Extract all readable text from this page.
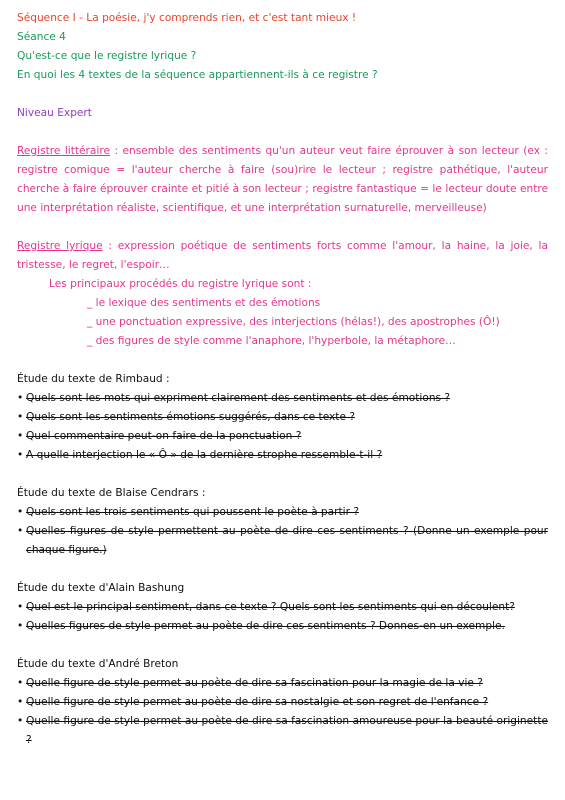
Séquence I - La poésie, j'y comprends rien, et c'est tant mieux !
Séance 4
Qu'est-ce que le registre lyrique ?
En quoi les 4 textes de la séquence appartiennent-ils à ce registre ?
Niveau Expert
Registre littéraire : ensemble des sentiments qu'un auteur veut faire éprouver à son lecteur (ex : registre comique = l'auteur cherche à faire (sou)rire le lecteur ; registre pathétique, l'auteur cherche à faire éprouver crainte et pitié à son lecteur ; registre fantastique = le lecteur doute entre une interprétation réaliste, scientifique, et une interprétation surnaturelle, merveilleuse)
Registre lyrique : expression poétique de sentiments forts comme l'amour, la haine, la joie, la tristesse, le regret, l'espoir…
Les principaux procédés du registre lyrique sont :
_ le lexique des sentiments et des émotions
_ une ponctuation expressive, des interjections (hélas!), des apostrophes (Ô!)
_ des figures de style comme l'anaphore, l'hyperbole, la métaphore…
Étude du texte de Rimbaud :
• Quels sont les mots qui expriment clairement des sentiments et des émotions ?
• Quels sont les sentiments émotions suggérés, dans ce texte ?
• Quel commentaire peut-on faire de la ponctuation ?
• A quelle interjection le « Ô » de la dernière strophe ressemble-t-il ?
Étude du texte de Blaise Cendrars :
• Quels sont les trois sentiments qui poussent le poète à partir ?
• Quelles figures de style permettent au poète de dire ces sentiments ? (Donne un exemple pour chaque figure.)
Étude du texte d'Alain Bashung
• Quel est le principal sentiment, dans ce texte ? Quels sont les sentiments qui en découlent?
• Quelles figures de style permet au poète de dire ces sentiments ? Donnes-en un exemple.
Étude du texte d'André Breton
• Quelle figure de style permet au poète de dire sa fascination pour la magie de la vie ?
• Quelle figure de style permet au poète de dire sa nostalgie et son regret de l'enfance ?
• Quelle figure de style permet au poète de dire sa fascination amoureuse pour la beauté originette ?
